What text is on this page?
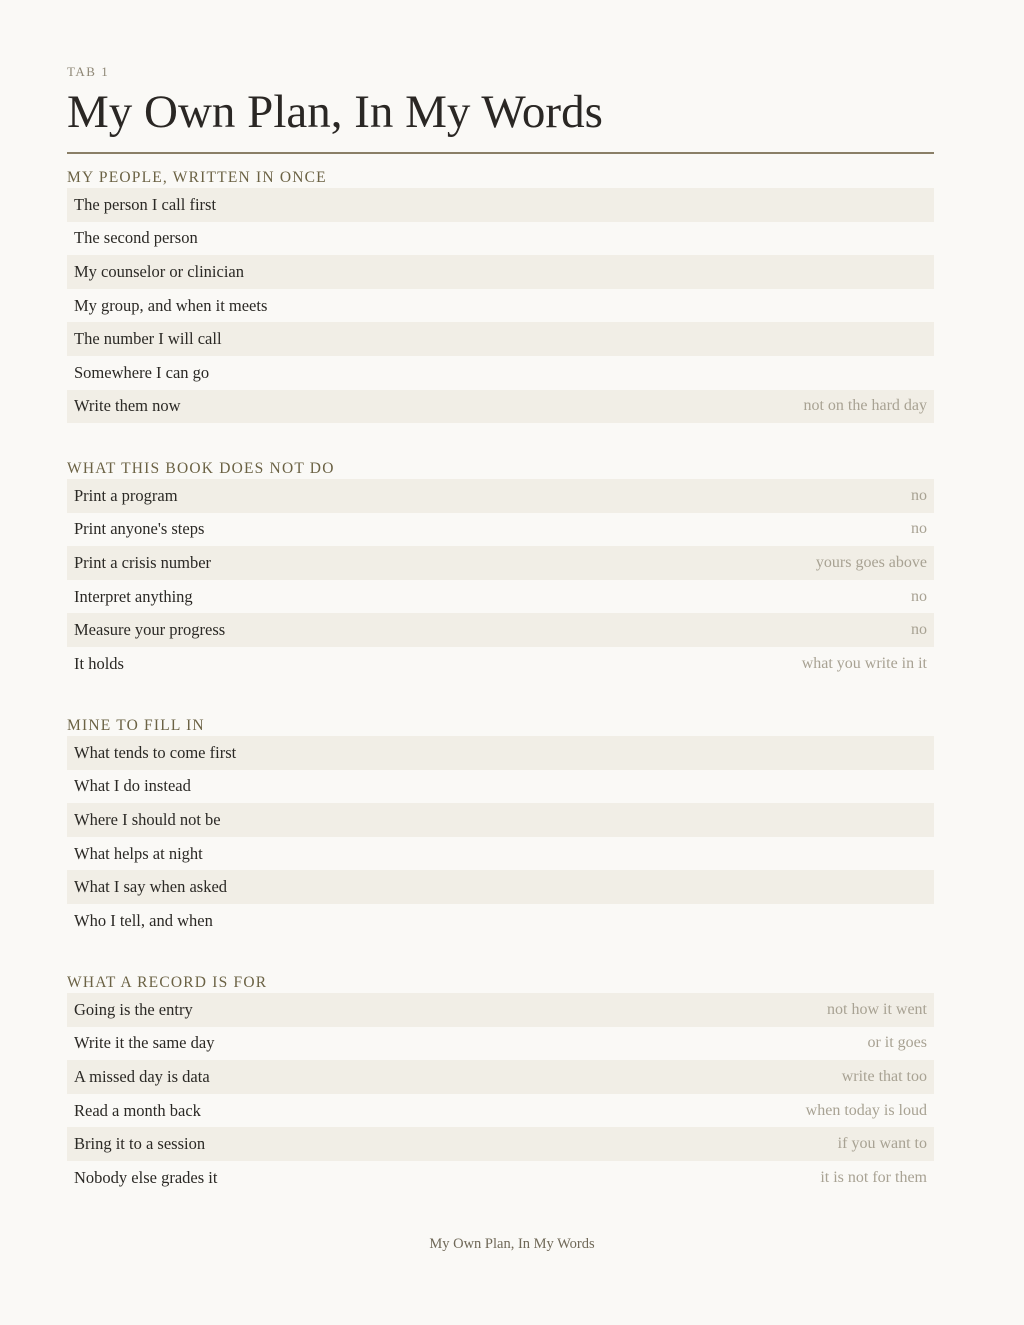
TAB 1
My Own Plan, In My Words
MY PEOPLE, WRITTEN IN ONCE
The person I call first
The second person
My counselor or clinician
My group, and when it meets
The number I will call
Somewhere I can go
Write them now	not on the hard day
WHAT THIS BOOK DOES NOT DO
Print a program	no
Print anyone's steps	no
Print a crisis number	yours goes above
Interpret anything	no
Measure your progress	no
It holds	what you write in it
MINE TO FILL IN
What tends to come first
What I do instead
Where I should not be
What helps at night
What I say when asked
Who I tell, and when
WHAT A RECORD IS FOR
Going is the entry	not how it went
Write it the same day	or it goes
A missed day is data	write that too
Read a month back	when today is loud
Bring it to a session	if you want to
Nobody else grades it	it is not for them
My Own Plan, In My Words
